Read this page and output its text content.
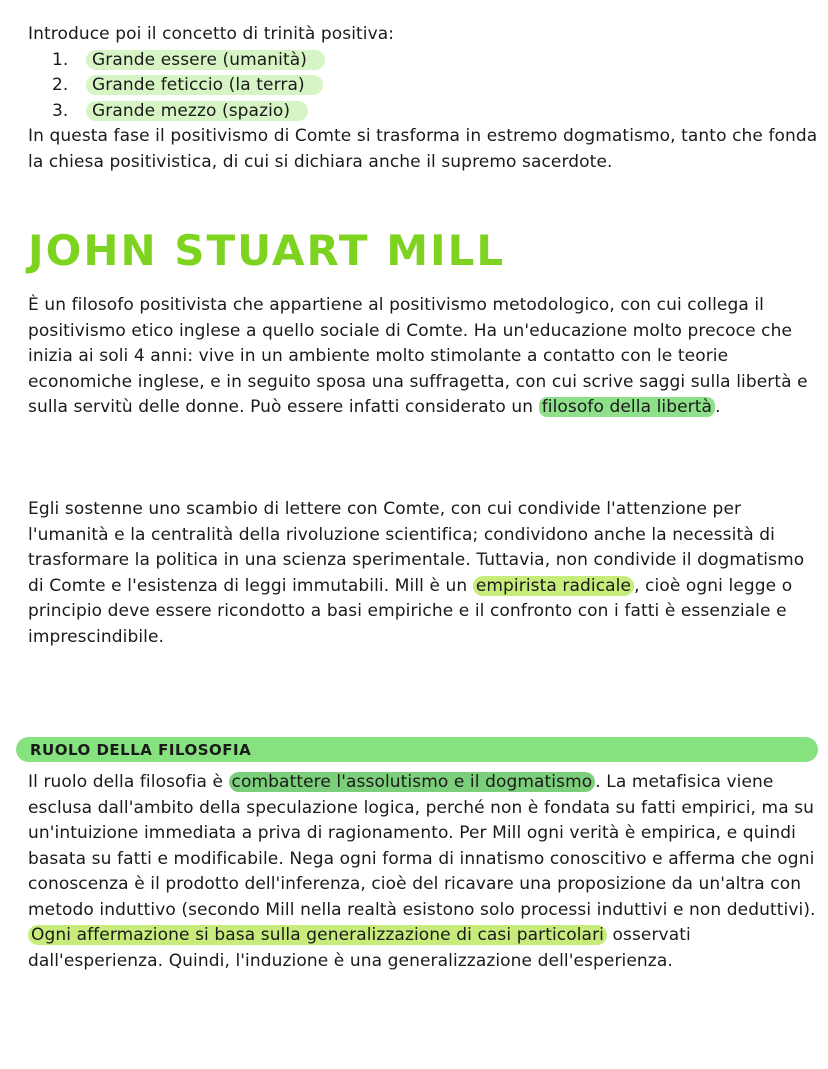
Introduce poi il concetto di trinità positiva:
1. Grande essere (umanità)
2. Grande feticcio (la terra)
3. Grande mezzo (spazio)
In questa fase il positivismo di Comte si trasforma in estremo dogmatismo, tanto che fonda la chiesa positivistica, di cui si dichiara anche il supremo sacerdote.
JOHN STUART MILL

È un filosofo positivista che appartiene al positivismo metodologico, con cui collega il positivismo etico inglese a quello sociale di Comte. Ha un'educazione molto precoce che inizia ai soli 4 anni: vive in un ambiente molto stimolante a contatto con le teorie economiche inglese, e in seguito sposa una suffragetta, con cui scrive saggi sulla libertà e sulla servitù delle donne. Può essere infatti considerato un filosofo della libertà .

Egli sostenne uno scambio di lettere con Comte, con cui condivide l'attenzione per l'umanità e la centralità della rivoluzione scientifica; condividono anche la necessità di trasformare la politica in una scienza sperimentale. Tuttavia, non condivide il dogmatismo di Comte e l'esistenza di leggi immutabili. Mill è un empirista radicale , cioè ogni legge o principio deve essere ricondotto a basi empiriche e il confronto con i fatti è essenziale e imprescindibile.

RUOLO DELLA FILOSOFIA

Il ruolo della filosofia è combattere l'assolutismo e il dogmatismo . La metafisica viene esclusa dall'ambito della speculazione logica, perché non è fondata su fatti empirici, ma su un'intuizione immediata a priva di ragionamento. Per Mill ogni verità è empirica, e quindi basata su fatti e modificabile. Nega ogni forma di innatismo conoscitivo e afferma che ogni conoscenza è il prodotto dell'inferenza, cioè del ricavare una proposizione da un'altra con metodo induttivo (secondo Mill nella realtà esistono solo processi induttivi e non deduttivi). Ogni affermazione si basa sulla generalizzazione di casi particolari osservati dall'esperienza. Quindi, l'induzione è una generalizzazione dell'esperienza.
